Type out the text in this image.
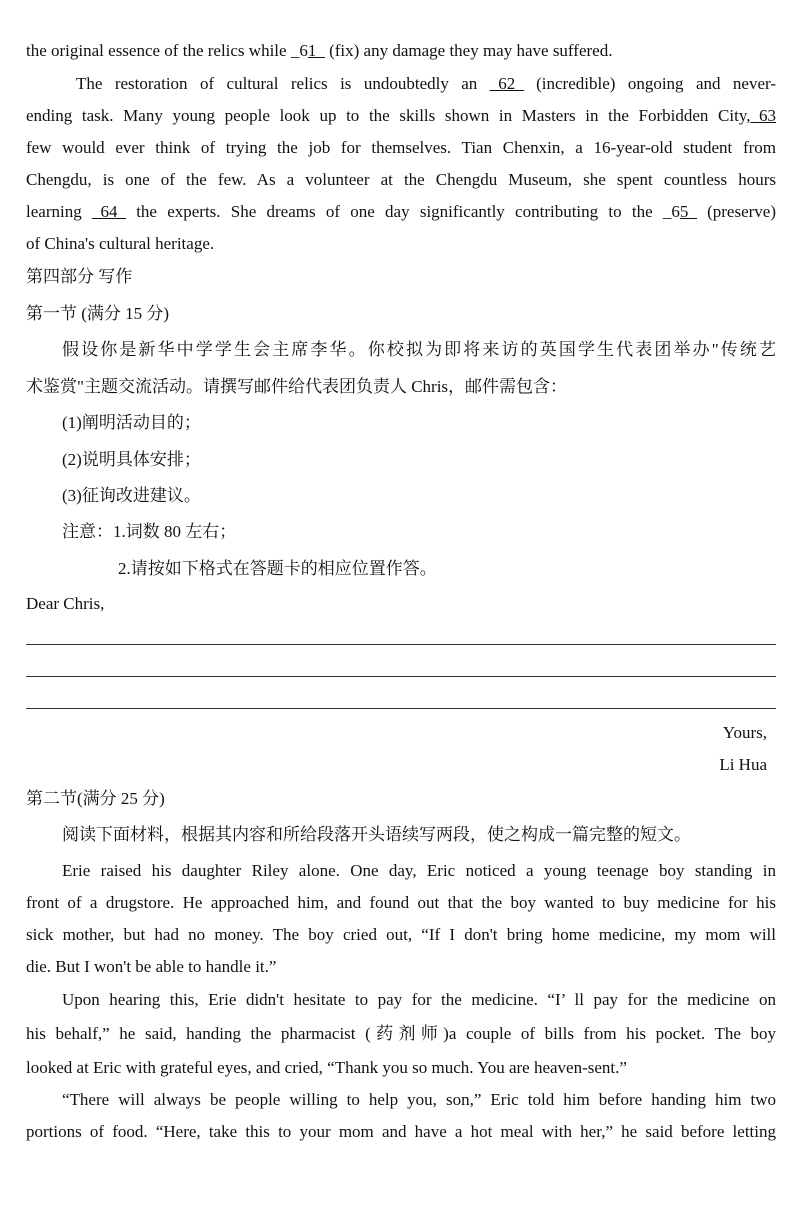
the original essence of the relics while _61_ (fix) any damage they may have suffered.
The restoration of cultural relics is undoubtedly an _62_ (incredible) ongoing and never-
ending task. Many young people look up to the skills shown in Masters in the Forbidden City,_63
few would ever think of trying the job for themselves. Tian Chenxin, a 16-year-old student from
Chengdu, is one of the few. As a volunteer at the Chengdu Museum, she spent countless hours
learning _64_ the experts. She dreams of one day significantly contributing to the _65_ (preserve)
of China's cultural heritage.
第四部分 写作
第一节 (满分 15 分)
假设你是新华中学学生会主席李华。你校拟为即将来访的英国学生代表团举办"传统艺
术鉴赏"主题交流活动。请撰写邮件给代表团负责人 Chris，邮件需包含：
(1)阐明活动目的；
(2)说明具体安排；
(3)征询改进建议。
注意：1.词数 80 左右；
2.请按如下格式在答题卡的相应位置作答。
Dear Chris,
Yours,
Li Hua
第二节(满分 25 分)
阅读下面材料，根据其内容和所给段落开头语续写两段，使之构成一篇完整的短文。
Erie raised his daughter Riley alone. One day, Eric noticed a young teenage boy standing in
front of a drugstore. He approached him, and found out that the boy wanted to buy medicine for his
sick mother, but had no money. The boy cried out, “If I don't bring home medicine, my mom will
die. But I won't be able to handle it.”
Upon hearing this, Erie didn't hesitate to pay for the medicine. “I’ ll pay for the medicine on
his behalf,” he said, handing the pharmacist (药剂师)a couple of bills from his pocket. The boy
looked at Eric with grateful eyes, and cried, “Thank you so much. You are heaven-sent.”
“There will always be people willing to help you, son,” Eric told him before handing him two
portions of food. “Here, take this to your mom and have a hot meal with her,” he said before letting
